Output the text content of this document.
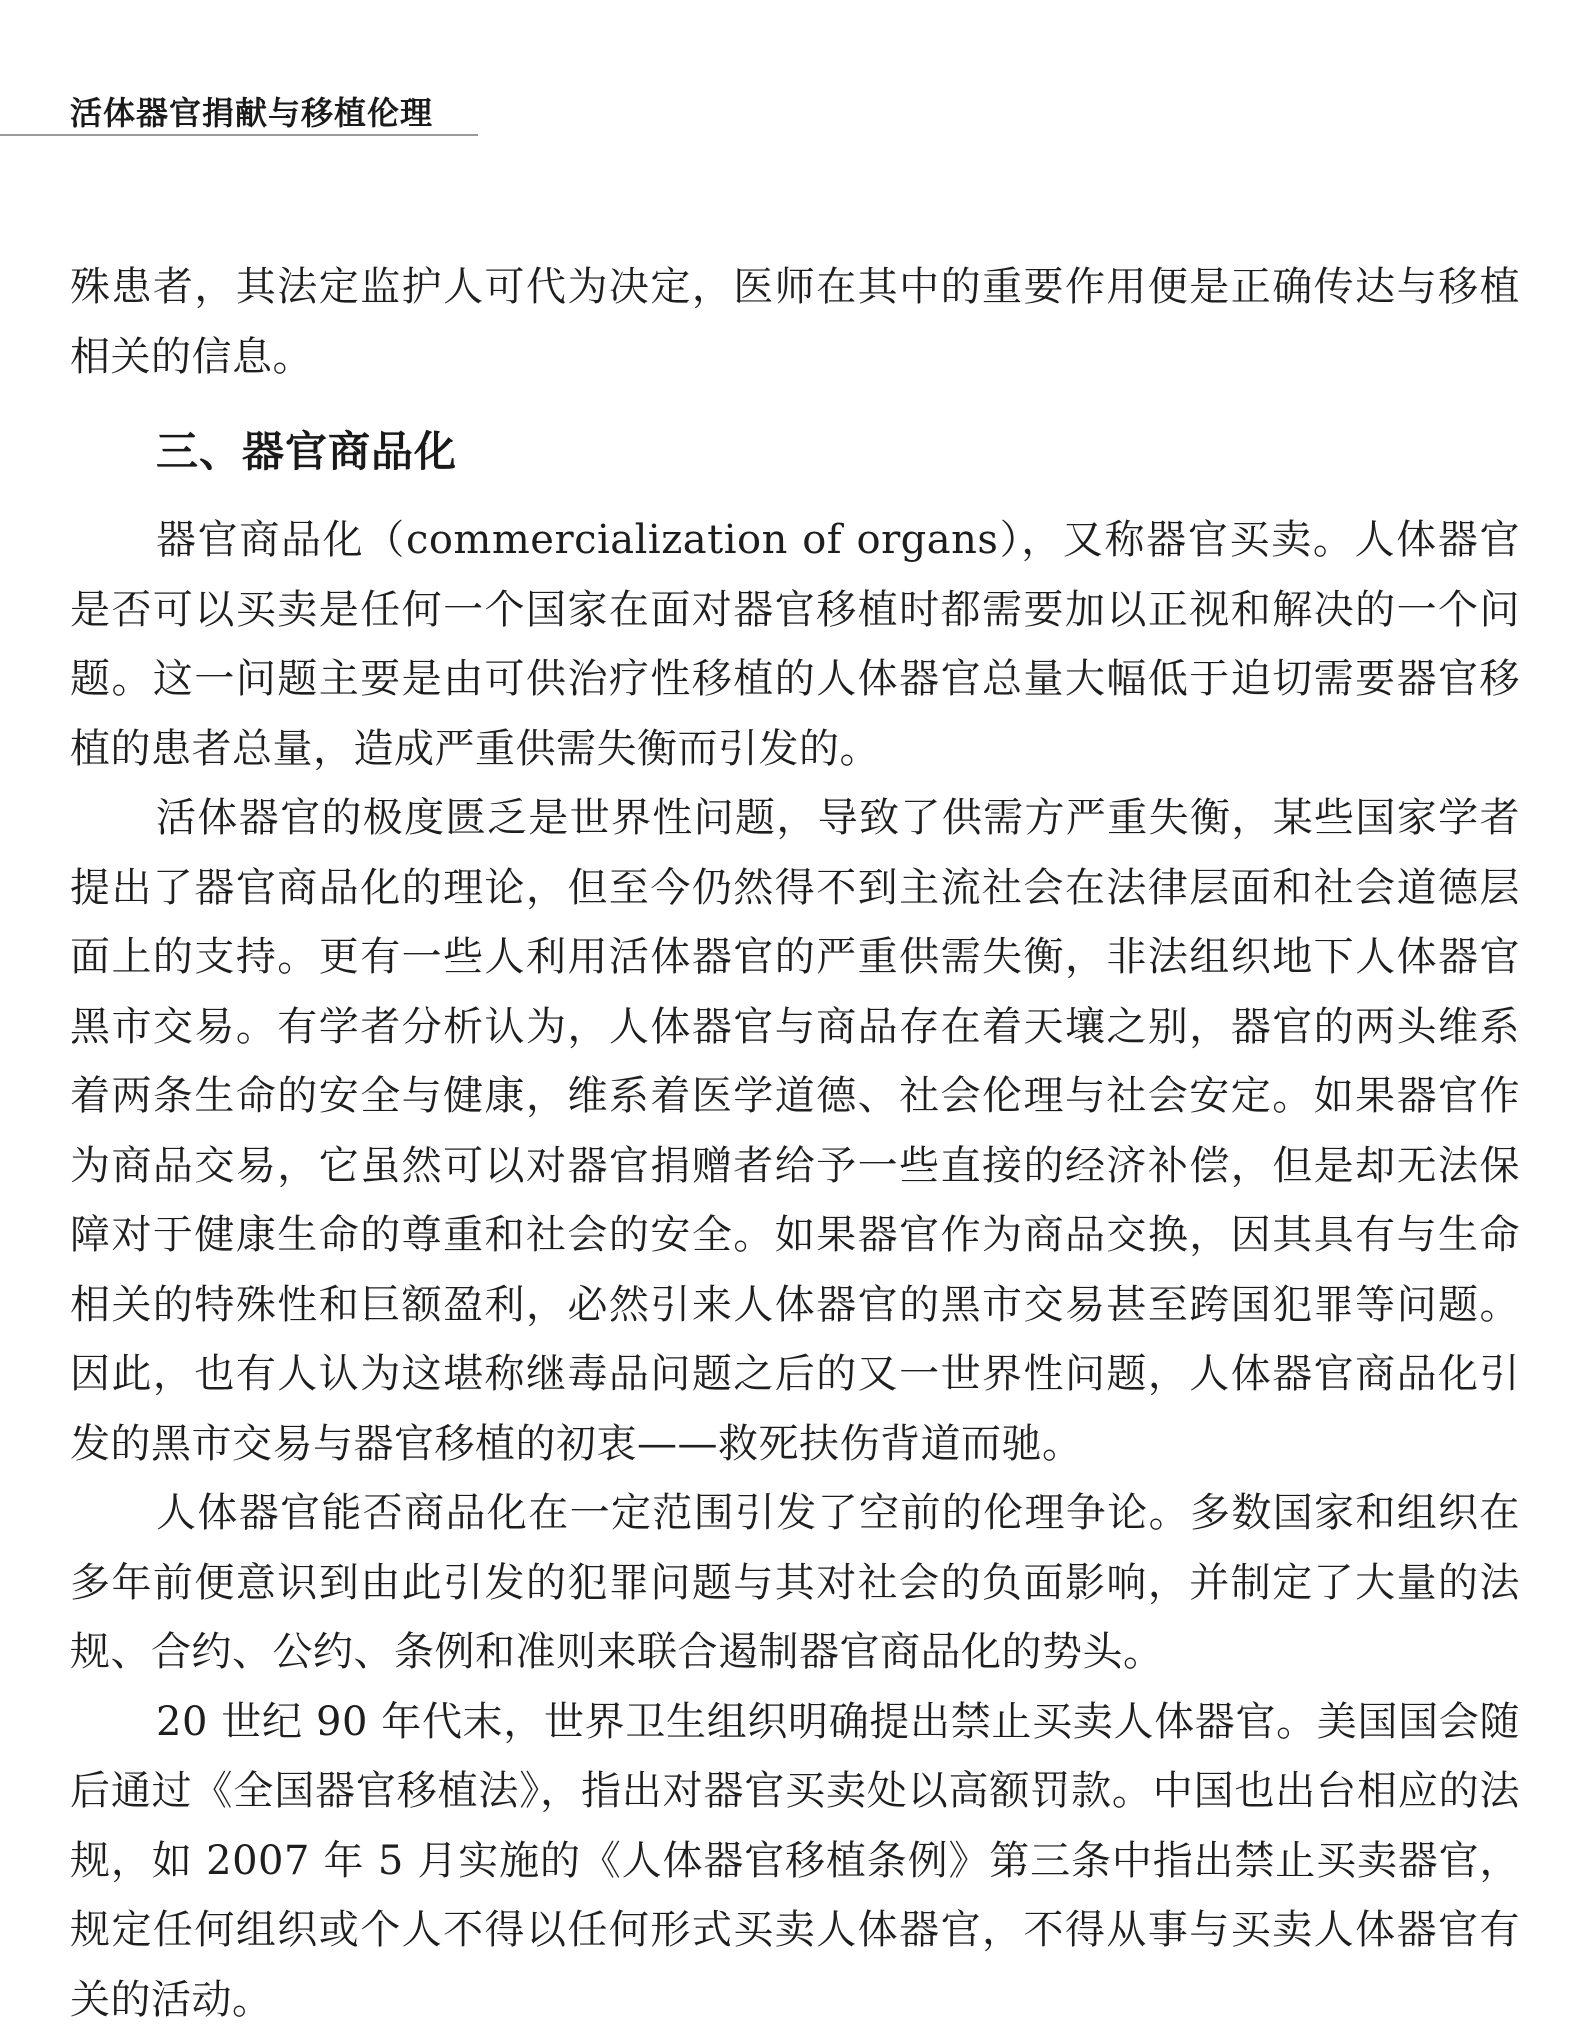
活体器官捐献与移植伦理

殊患者，其法定监护人可代为决定，医师在其中的重要作用便是正确传达与移植相关的信息。

三、器官商品化

器官商品化（commercialization of organs），又称器官买卖。人体器官是否可以买卖是任何一个国家在面对器官移植时都需要加以正视和解决的一个问题。这一问题主要是由可供治疗性移植的人体器官总量大幅低于迫切需要器官移植的患者总量，造成严重供需失衡而引发的。

活体器官的极度匮乏是世界性问题，导致了供需方严重失衡，某些国家学者提出了器官商品化的理论，但至今仍然得不到主流社会在法律层面和社会道德层面上的支持。更有一些人利用活体器官的严重供需失衡，非法组织地下人体器官黑市交易。有学者分析认为，人体器官与商品存在着天壤之别，器官的两头维系着两条生命的安全与健康，维系着医学道德、社会伦理与社会安定。如果器官作为商品交易，它虽然可以对器官捐赠者给予一些直接的经济补偿，但是却无法保障对于健康生命的尊重和社会的安全。如果器官作为商品交换，因其具有与生命相关的特殊性和巨额盈利，必然引来人体器官的黑市交易甚至跨国犯罪等问题。因此，也有人认为这堪称继毒品问题之后的又一世界性问题，人体器官商品化引发的黑市交易与器官移植的初衷——救死扶伤背道而驰。

人体器官能否商品化在一定范围引发了空前的伦理争论。多数国家和组织在多年前便意识到由此引发的犯罪问题与其对社会的负面影响，并制定了大量的法规、合约、公约、条例和准则来联合遏制器官商品化的势头。

20 世纪 90 年代末，世界卫生组织明确提出禁止买卖人体器官。美国国会随后通过《全国器官移植法》，指出对器官买卖处以高额罚款。中国也出台相应的法规，如 2007 年 5 月实施的《人体器官移植条例》第三条中指出禁止买卖器官，规定任何组织或个人不得以任何形式买卖人体器官，不得从事与买卖人体器官有关的活动。
